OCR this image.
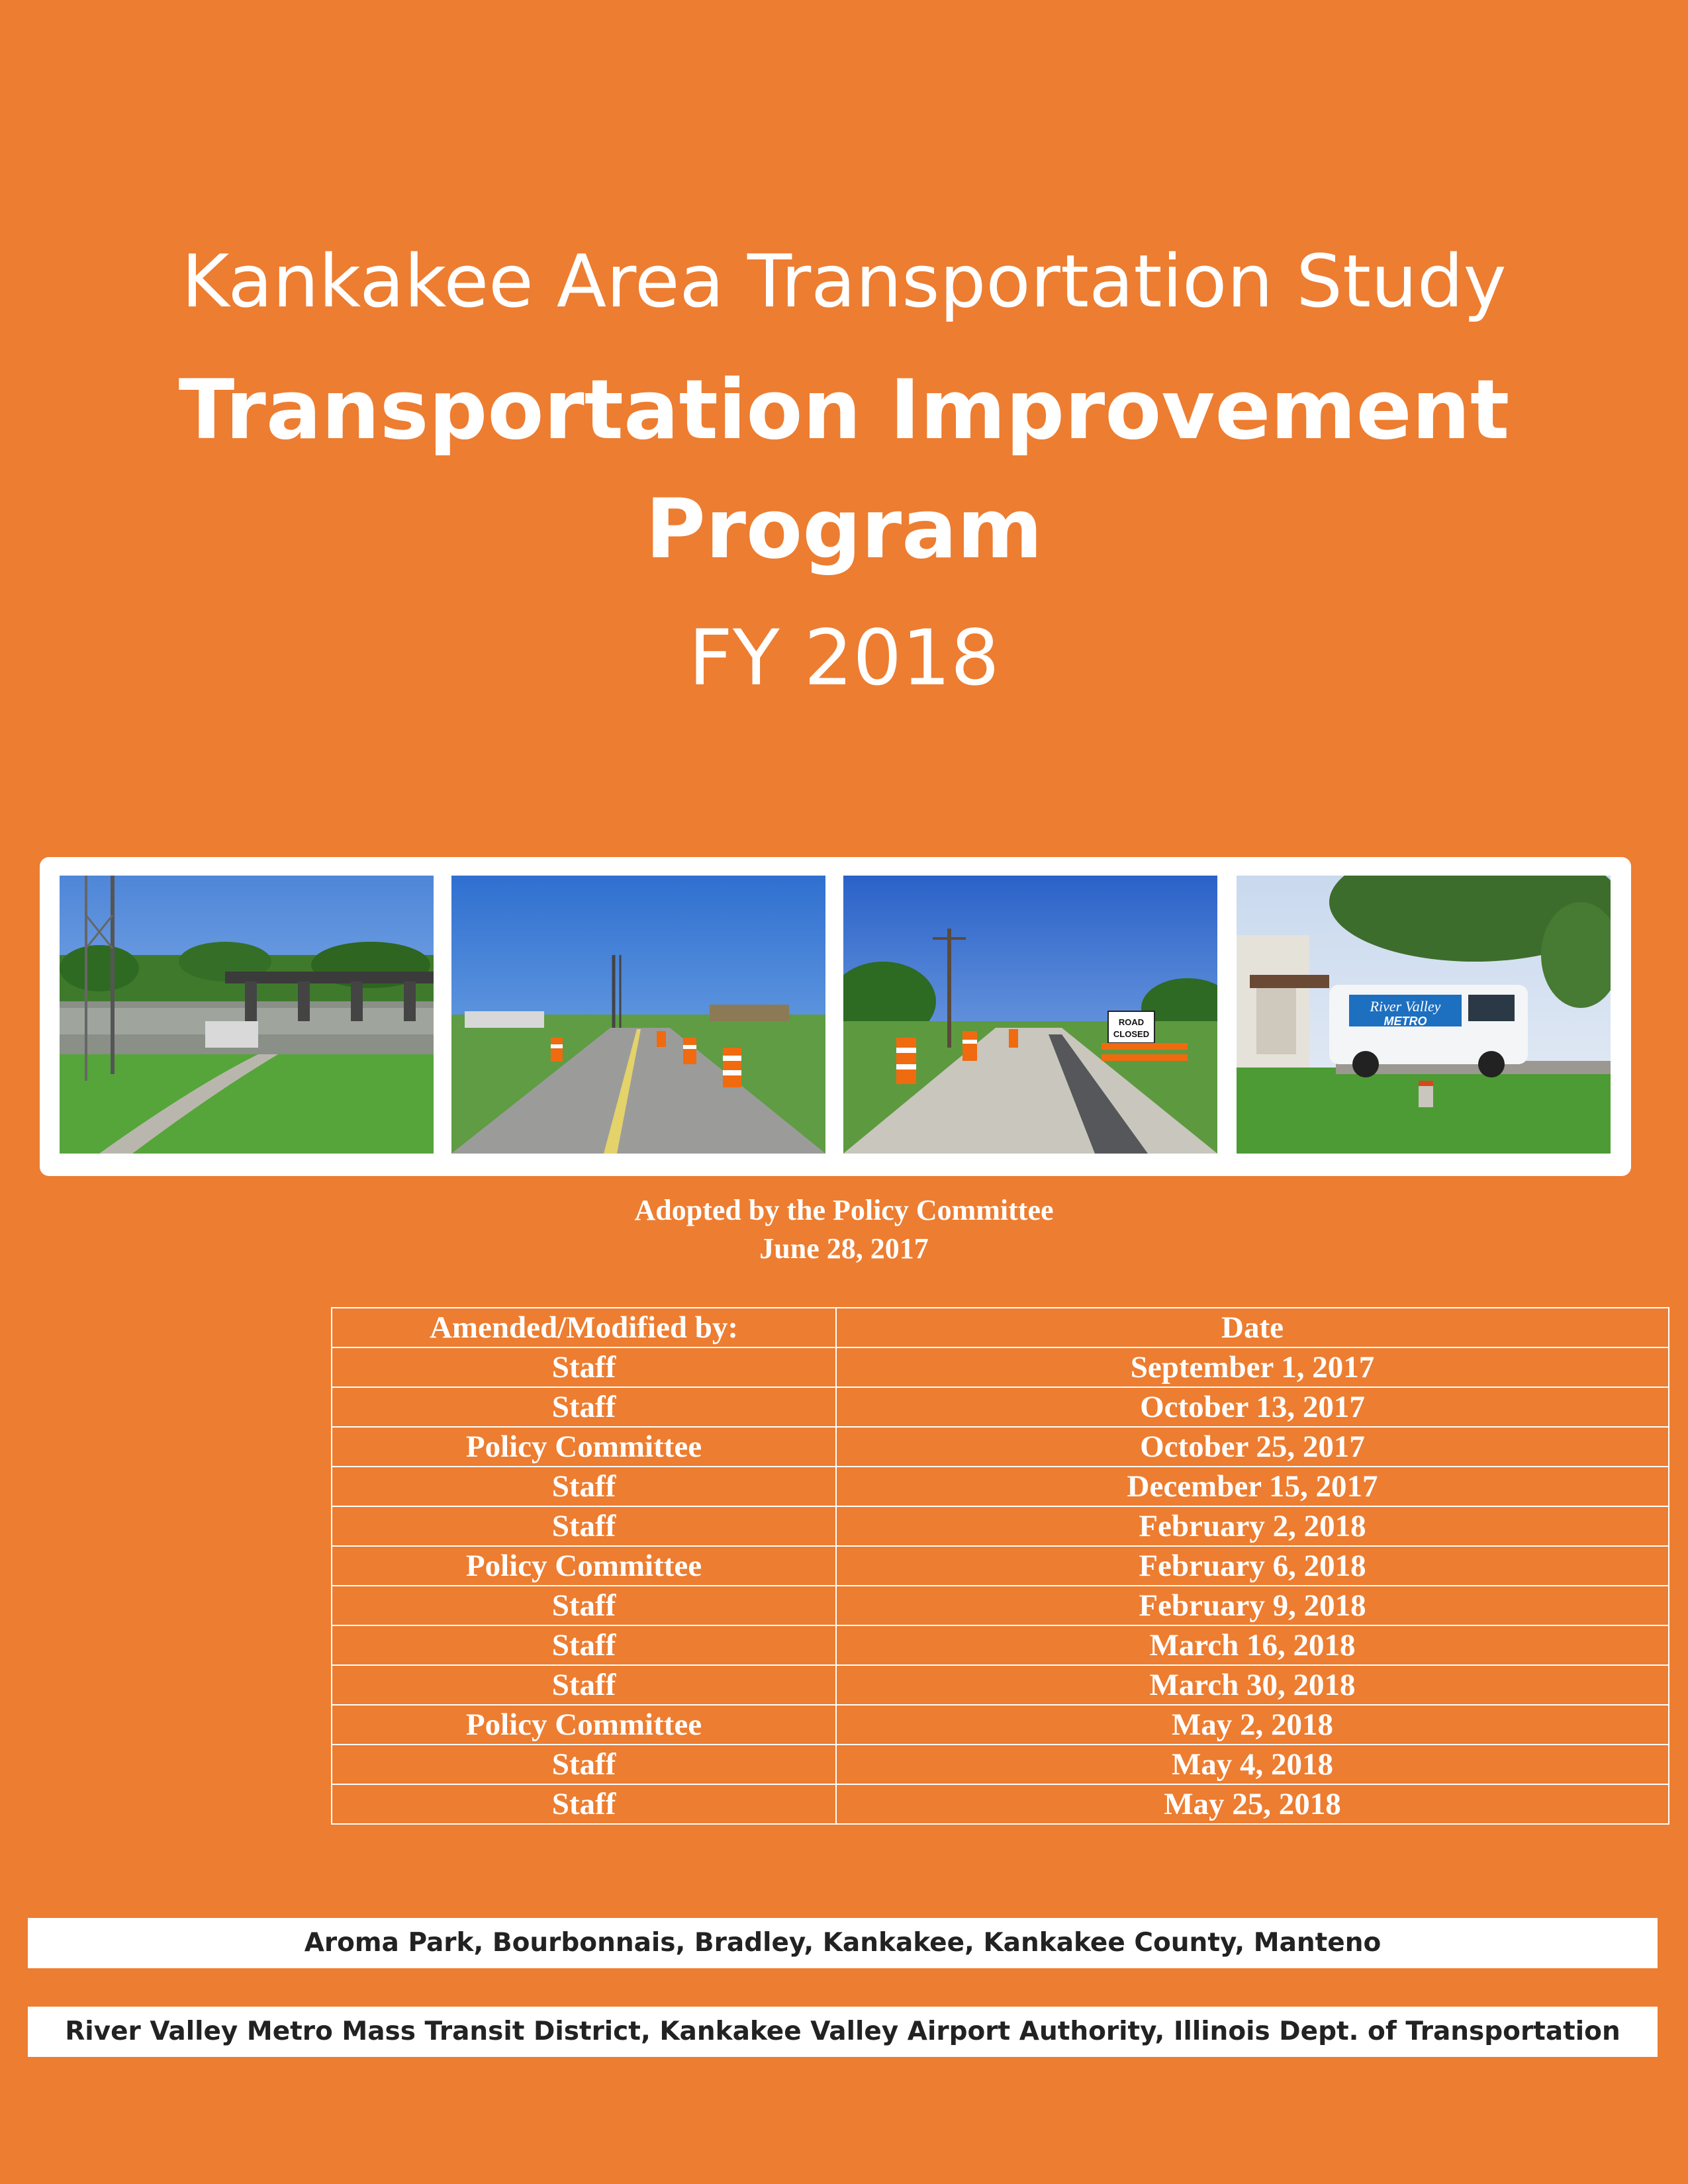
Kankakee Area Transportation Study
Transportation Improvement
Program
FY 2018
ROAD
CLOSED
River Valley
METRO
Adopted by the Policy Committee
June 28, 2017
Amended/Modified by:	Date
Staff	September 1, 2017
Staff	October 13, 2017
Policy Committee	October 25, 2017
Staff	December 15, 2017
Staff	February 2, 2018
Policy Committee	February 6, 2018
Staff	February 9, 2018
Staff	March 16, 2018
Staff	March 30, 2018
Policy Committee	May 2, 2018
Staff	May 4, 2018
Staff	May 25, 2018
Aroma Park, Bourbonnais, Bradley, Kankakee, Kankakee County, Manteno
River Valley Metro Mass Transit District, Kankakee Valley Airport Authority, Illinois Dept. of Transportation
